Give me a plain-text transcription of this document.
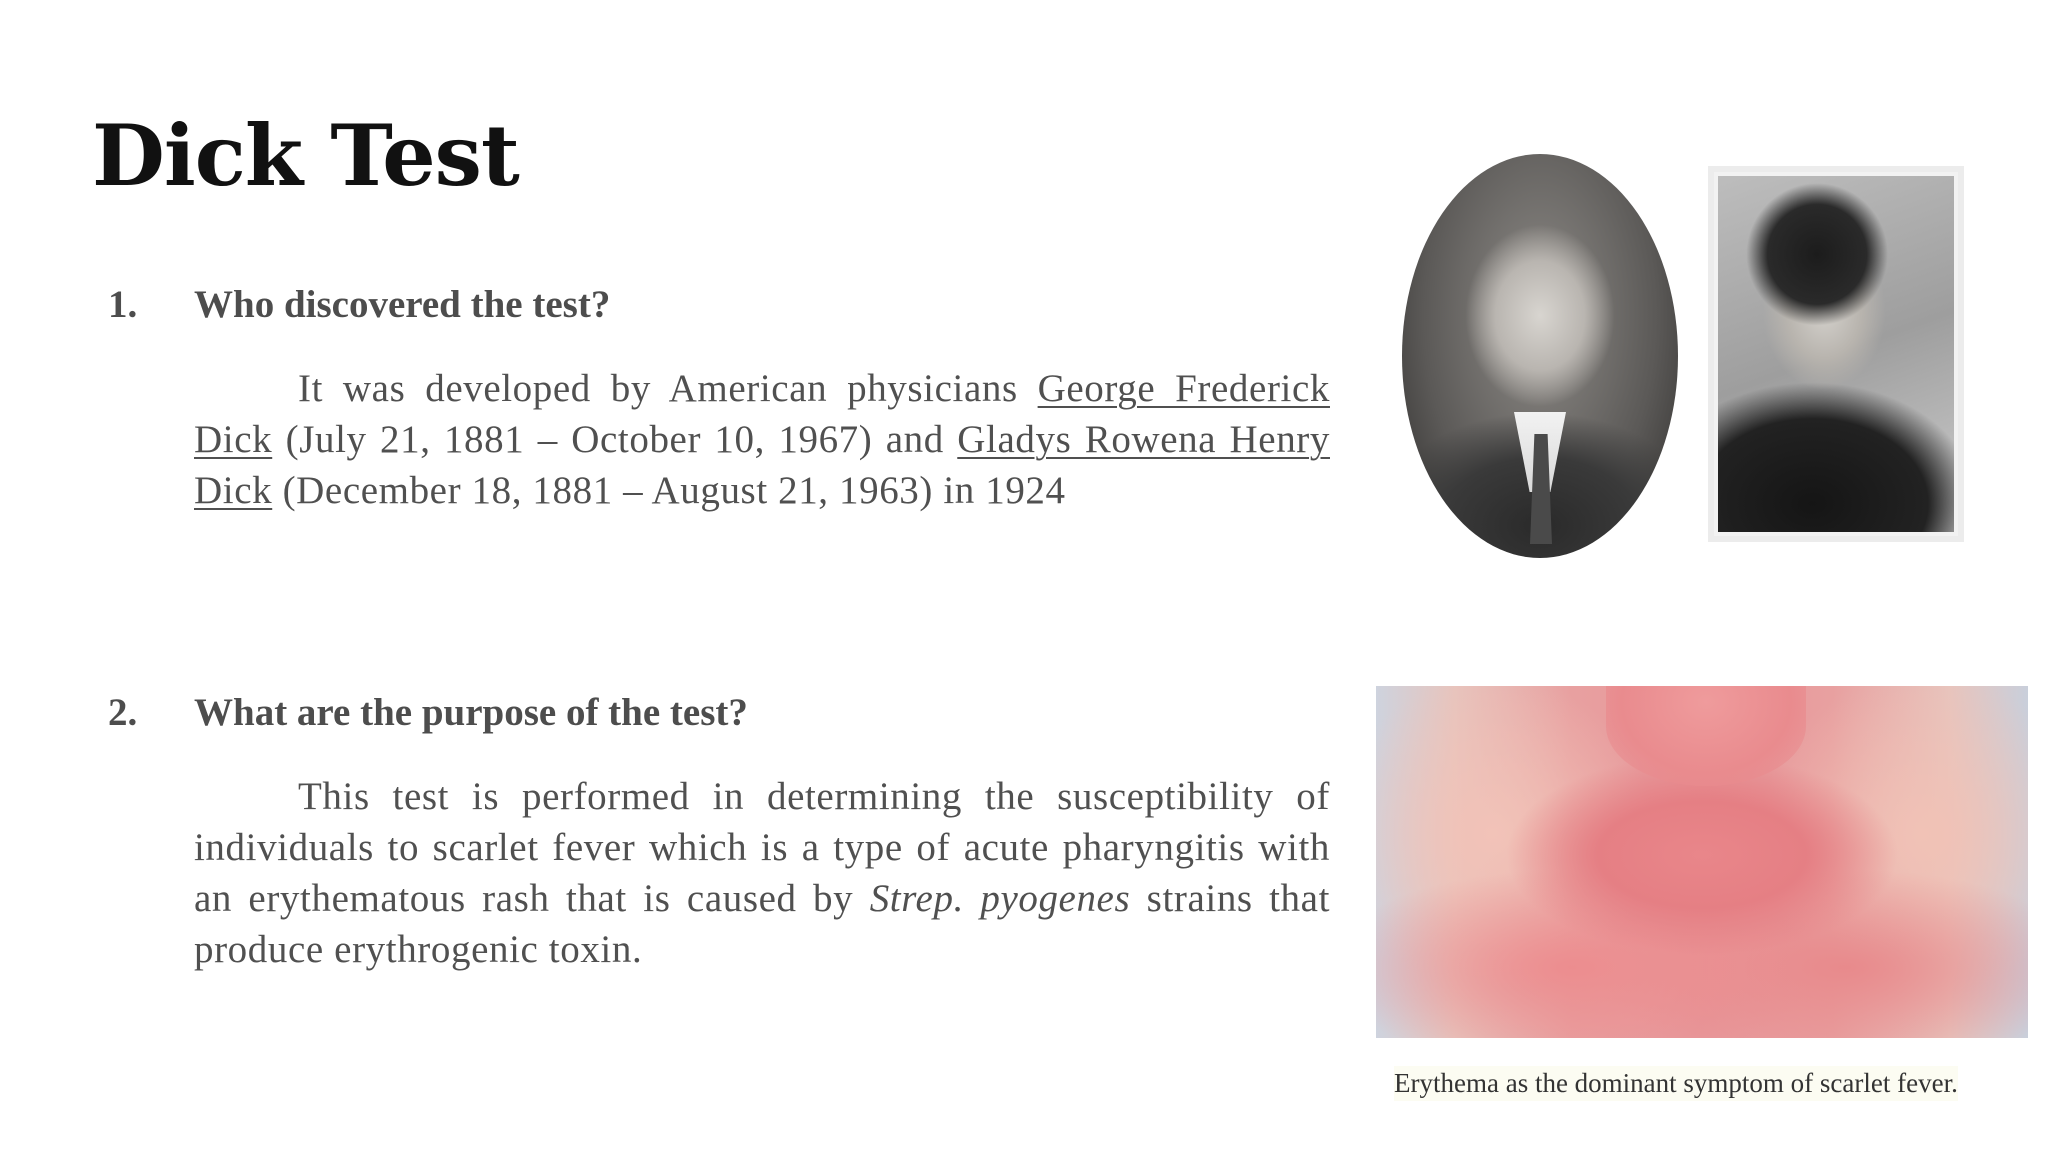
Dick Test
1.	Who discovered the test?

It was developed by American physicians George Frederick Dick (July 21, 1881 – October 10, 1967) and Gladys Rowena Henry Dick (December 18, 1881 – August 21, 1963) in 1924

2.	What are the purpose of the test?

This test is performed in determining the susceptibility of individuals to scarlet fever which is a type of acute pharyngitis with an erythematous rash that is caused by Strep. pyogenes strains that produce erythrogenic toxin.

Erythema as the dominant symptom of scarlet fever.
